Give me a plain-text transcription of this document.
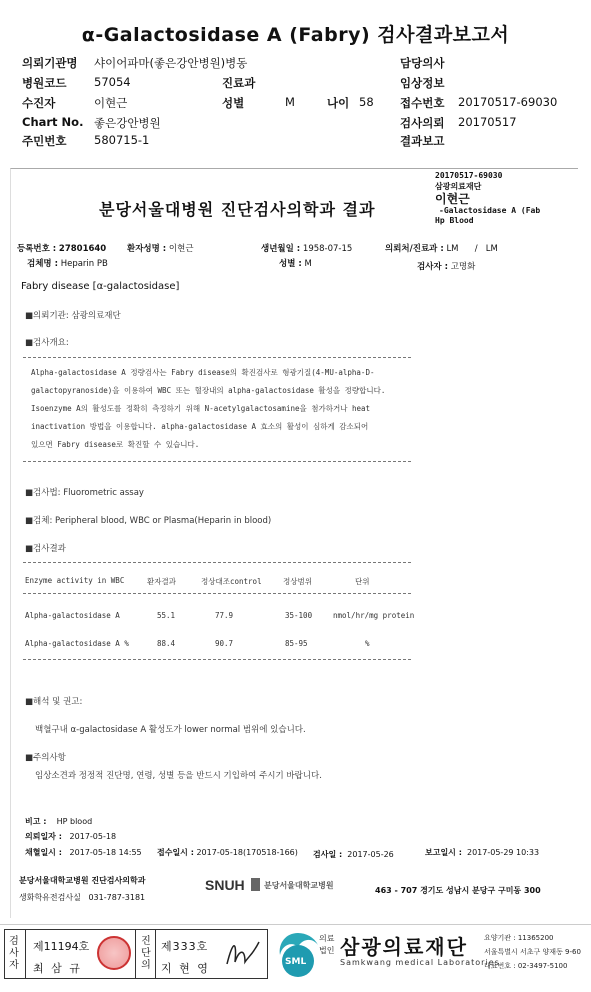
α-Galactosidase A (Fabry) 검사결과보고서
의뢰기관명 샤이어파마(좋은강안병원)병동	담당의사
병원코드 57054	진료과	임상정보
수진자	이현근	성별	M	나이 58 접수번호 20170517-69030
Chart No. 좋은강안병원	검사의뢰 20170517
주민번호 580715-1	결과보고
20170517-69030
삼광의료재단
이현근
-Galactosidase A (Fab
Hp Blood
분당서울대병원 진단검사의학과 결과
등록번호 : 27801640 환자성명 : 이현근	생년월일 : 1958-07-15	의뢰처/진료과 : LM / LM
검체명 : Heparin PB	성별 : M	검사자 : 고명화
Fabry disease [α-galactosidase]
■의뢰기관: 삼광의료재단
■검사개요:
Alpha-galactosidase A 정량검사는 Fabry disease의 확진검사로 형광기질(4-MU-alpha-D-
galactopyranoside)을 이용하여 WBC 또는 혈장내의 alpha-galactosidase 활성을 정량합니다.
Isoenzyme A의 활성도를 정확히 측정하기 위해 N-acetylgalactosamine을 첨가하거나 heat
inactivation 방법을 이용합니다. alpha-galactosidase A 효소의 활성이 심하게 감소되어
있으면 Fabry disease로 확진할 수 있습니다.
■검사법: Fluorometric assay
■검체: Peripheral blood, WBC or Plasma(Heparin in blood)
■검사결과
Enzyme activity in WBC	환자결과	정상대조control	정상범위	단위
Alpha-galactosidase A	55.1	77.9	35-100	nmol/hr/mg protein
Alpha-galactosidase A %	88.4	90.7	85-95	%
■해석 및 권고:
백혈구내 α-galactosidase A 활성도가 lower normal 범위에 있습니다.
■주의사항
임상소견과 정정적 진단명, 연령, 성별 등을 반드시 기입하여 주시기 바랍니다.
비고 : HP blood
의뢰일자 : 2017-05-18
채혈일시 : 2017-05-18 14:55 접수일시 : 2017-05-18(170518-166) 검사일 : 2017-05-26	보고일시 : 2017-05-29 10:33
분당서울대학교병원 진단검사의학과
생화학유전검사실 031-787-3181
SNUH 분당서울대학교병원
463 - 707 경기도 성남시 분당구 구미동 300
검
사
자
제11194호
최 삼 규
진
단
의
제333호
지 현 영	SML
의료
법인 삼광의료재단
Samkwang medical Laboratories
요양기관 : 11365200
서울특별시 서초구 양재동 9-60
대표번호 : 02-3497-5100
